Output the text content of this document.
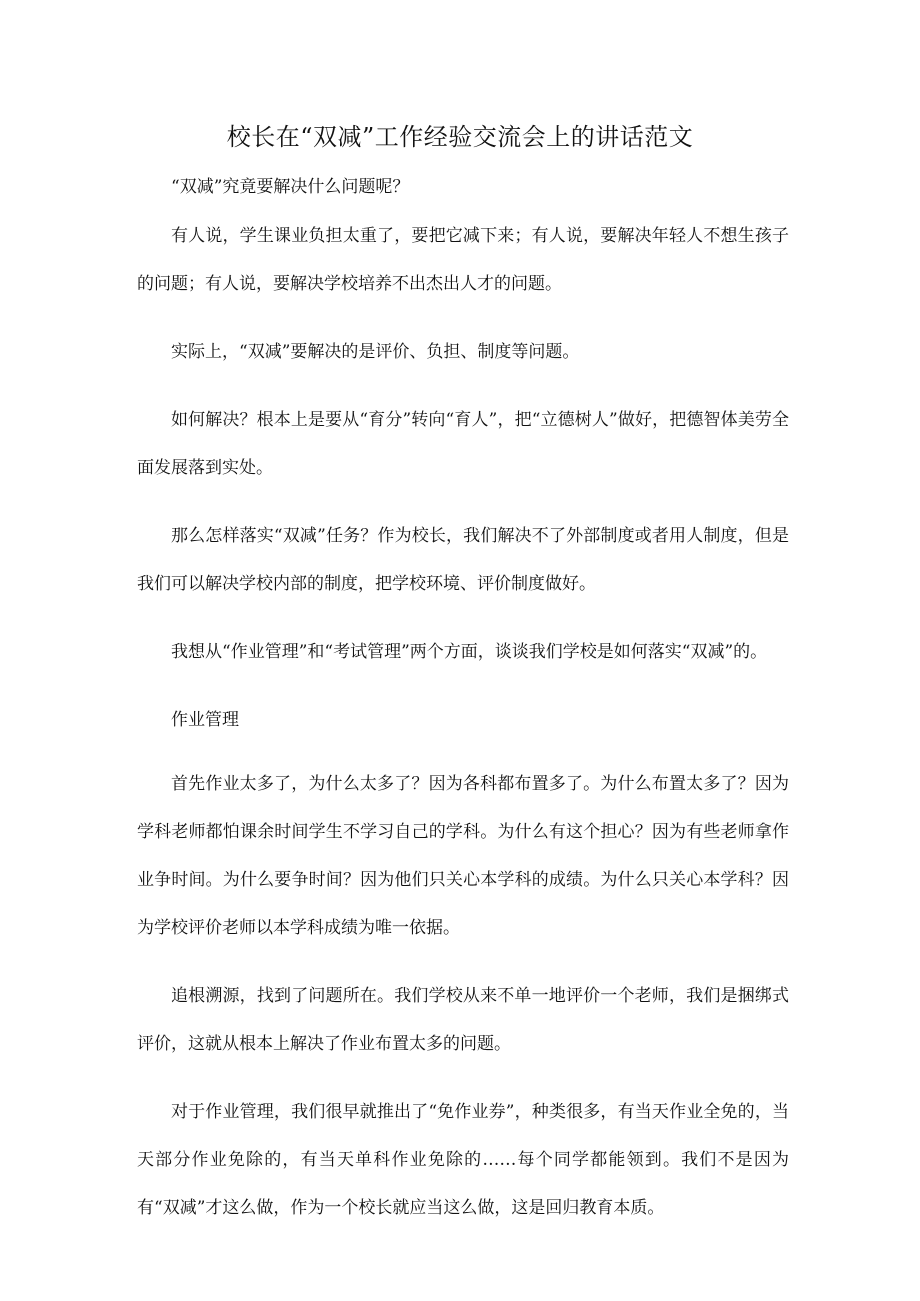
校长在“双减”工作经验交流会上的讲话范文

“双减”究竟要解决什么问题呢？

有人说，学生课业负担太重了，要把它减下来；有人说，要解决年轻人不想生孩子的问题；有人说，要解决学校培养不出杰出人才的问题。

实际上，“双减”要解决的是评价、负担、制度等问题。

如何解决？根本上是要从“育分”转向“育人”，把“立德树人”做好，把德智体美劳全面发展落到实处。

那么怎样落实“双减”任务？作为校长，我们解决不了外部制度或者用人制度，但是我们可以解决学校内部的制度，把学校环境、评价制度做好。

我想从“作业管理”和“考试管理”两个方面，谈谈我们学校是如何落实“双减”的。

作业管理

首先作业太多了，为什么太多了？因为各科都布置多了。为什么布置太多了？因为学科老师都怕课余时间学生不学习自己的学科。为什么有这个担心？因为有些老师拿作业争时间。为什么要争时间？因为他们只关心本学科的成绩。为什么只关心本学科？因为学校评价老师以本学科成绩为唯一依据。

追根溯源，找到了问题所在。我们学校从来不单一地评价一个老师，我们是捆绑式评价，这就从根本上解决了作业布置太多的问题。

对于作业管理，我们很早就推出了“免作业券”，种类很多，有当天作业全免的，当天部分作业免除的，有当天单科作业免除的……每个同学都能领到。我们不是因为有“双减”才这么做，作为一个校长就应当这么做，这是回归教育本质。
